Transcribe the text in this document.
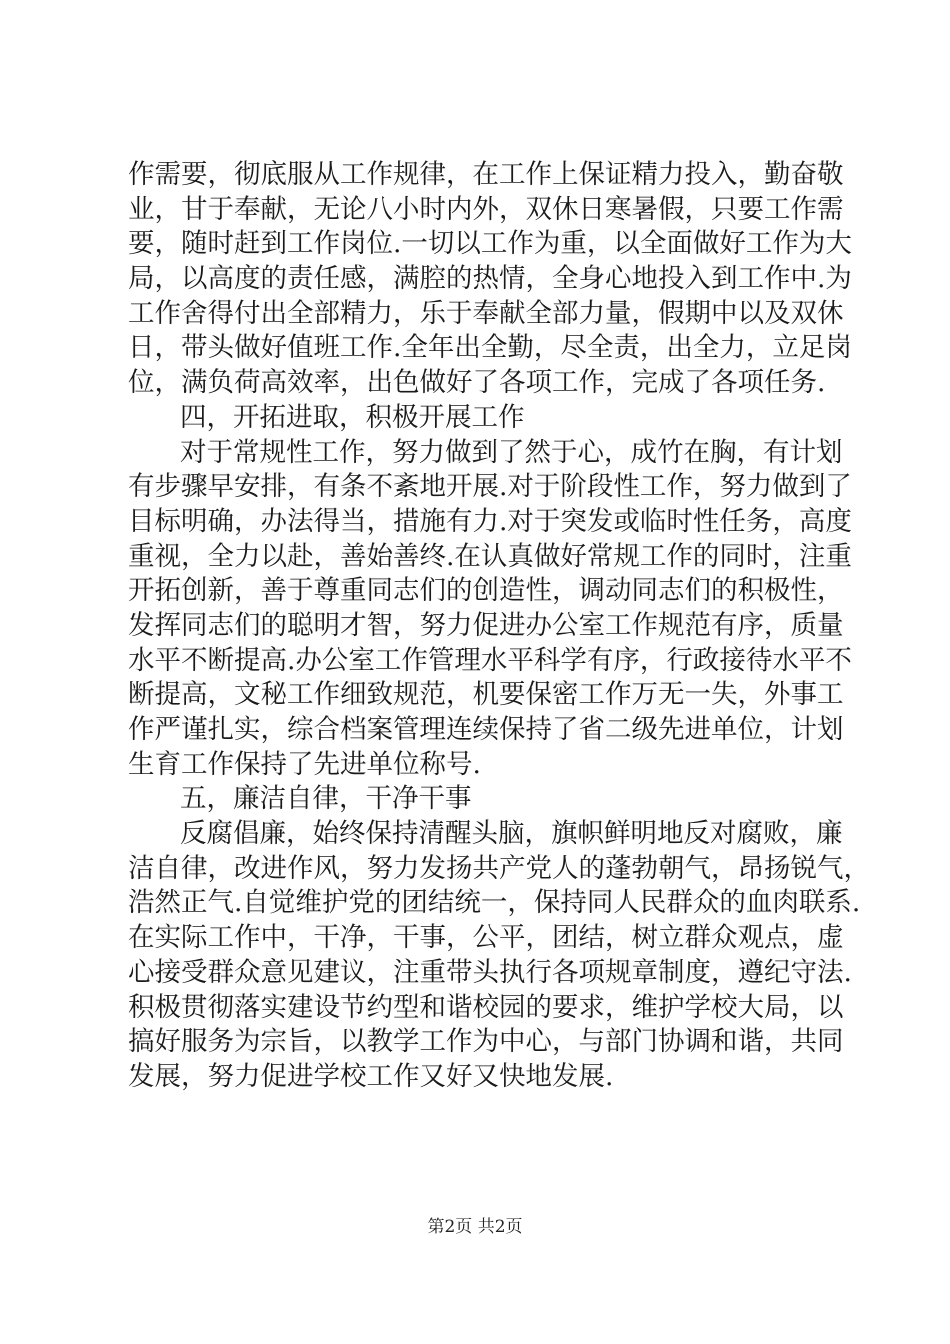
作需要，彻底服从工作规律，在工作上保证精力投入，勤奋敬
业，甘于奉献，无论八小时内外，双休日寒暑假，只要工作需
要，随时赶到工作岗位.一切以工作为重，以全面做好工作为大
局，以高度的责任感，满腔的热情，全身心地投入到工作中.为
工作舍得付出全部精力，乐于奉献全部力量，假期中以及双休
日，带头做好值班工作.全年出全勤，尽全责，出全力，立足岗
位，满负荷高效率，出色做好了各项工作，完成了各项任务.
四，开拓进取，积极开展工作
对于常规性工作，努力做到了然于心，成竹在胸，有计划
有步骤早安排，有条不紊地开展.对于阶段性工作，努力做到了
目标明确，办法得当，措施有力.对于突发或临时性任务，高度
重视，全力以赴，善始善终.在认真做好常规工作的同时，注重
开拓创新，善于尊重同志们的创造性，调动同志们的积极性，
发挥同志们的聪明才智，努力促进办公室工作规范有序，质量
水平不断提高.办公室工作管理水平科学有序，行政接待水平不
断提高，文秘工作细致规范，机要保密工作万无一失，外事工
作严谨扎实，综合档案管理连续保持了省二级先进单位，计划
生育工作保持了先进单位称号.
五，廉洁自律，干净干事
反腐倡廉，始终保持清醒头脑，旗帜鲜明地反对腐败，廉
洁自律，改进作风，努力发扬共产党人的蓬勃朝气，昂扬锐气，
浩然正气.自觉维护党的团结统一，保持同人民群众的血肉联系.
在实际工作中，干净，干事，公平，团结，树立群众观点，虚
心接受群众意见建议，注重带头执行各项规章制度，遵纪守法.
积极贯彻落实建设节约型和谐校园的要求，维护学校大局，以
搞好服务为宗旨，以教学工作为中心，与部门协调和谐，共同
发展，努力促进学校工作又好又快地发展.
第2页 共2页
